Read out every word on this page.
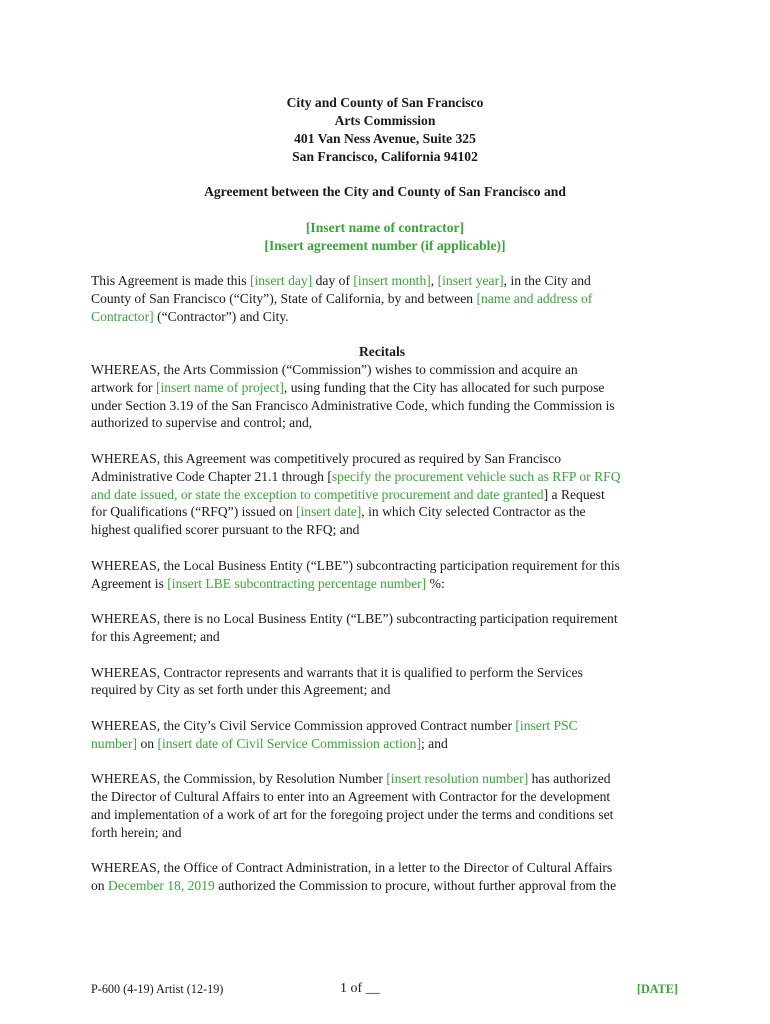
City and County of San Francisco
Arts Commission
401 Van Ness Avenue, Suite 325
San Francisco, California 94102
Agreement between the City and County of San Francisco and
[Insert name of contractor]
[Insert agreement number (if applicable)]

This Agreement is made this [insert day] day of [insert month], [insert year], in the City and
County of San Francisco (“City”), State of California, by and between [name and address of
Contractor] (“Contractor”) and City.

Recitals

WHEREAS, the Arts Commission (“Commission”) wishes to commission and acquire an
artwork for [insert name of project], using funding that the City has allocated for such purpose
under Section 3.19 of the San Francisco Administrative Code, which funding the Commission is
authorized to supervise and control; and,

WHEREAS, this Agreement was competitively procured as required by San Francisco
Administrative Code Chapter 21.1 through [specify the procurement vehicle such as RFP or RFQ
and date issued, or state the exception to competitive procurement and date granted] a Request
for Qualifications (“RFQ”) issued on [insert date], in which City selected Contractor as the
highest qualified scorer pursuant to the RFQ; and

WHEREAS, the Local Business Entity (“LBE”) subcontracting participation requirement for this
Agreement is [insert LBE subcontracting percentage number] %:

WHEREAS, there is no Local Business Entity (“LBE”) subcontracting participation requirement
for this Agreement; and

WHEREAS, Contractor represents and warrants that it is qualified to perform the Services
required by City as set forth under this Agreement; and

WHEREAS, the City’s Civil Service Commission approved Contract number [insert PSC
number] on [insert date of Civil Service Commission action]; and

WHEREAS, the Commission, by Resolution Number [insert resolution number] has authorized
the Director of Cultural Affairs to enter into an Agreement with Contractor for the development
and implementation of a work of art for the foregoing project under the terms and conditions set
forth herein; and

WHEREAS, the Office of Contract Administration, in a letter to the Director of Cultural Affairs
on December 18, 2019 authorized the Commission to procure, without further approval from the

P-600 (4-19) Artist (12-19)	1 of __	[DATE]
